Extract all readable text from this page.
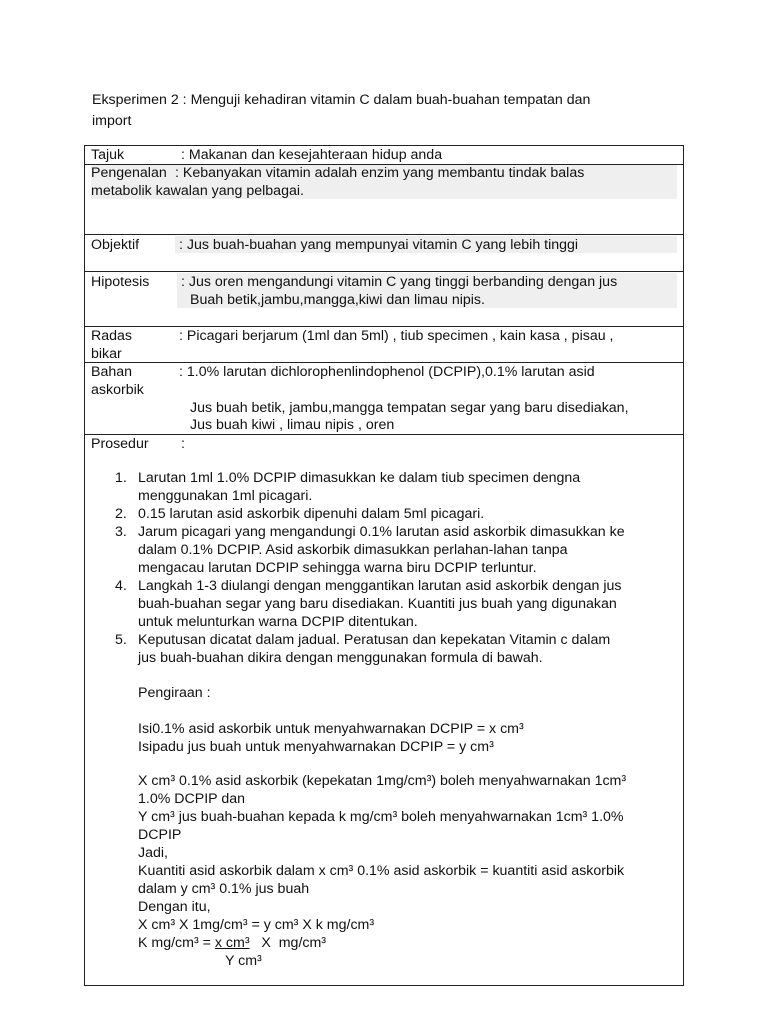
Eksperimen 2 : Menguji kehadiran vitamin C dalam buah-buahan tempatan dan
import
Tajuk	: Makanan dan kesejahteraan hidup anda
Pengenalan : Kebanyakan vitamin adalah enzim yang membantu tindak balas
metabolik kawalan yang pelbagai.
Objektif	: Jus buah-buahan yang mempunyai vitamin C yang lebih tinggi
Hipotesis : Jus oren mengandungi vitamin C yang tinggi berbanding dengan jus
Buah betik,jambu,mangga,kiwi dan limau nipis.
Radas
bikar
: Picagari berjarum (1ml dan 5ml) , tiub specimen , kain kasa , pisau ,
Bahan
askorbik
: 1.0% larutan dichlorophenlindophenol (DCPIP),0.1% larutan asid
Jus buah betik, jambu,mangga tempatan segar yang baru disediakan,
Jus buah kiwi , limau nipis , oren
Prosedur :
1. Larutan 1ml 1.0% DCPIP dimasukkan ke dalam tiub specimen dengna
menggunakan 1ml picagari.
2. 0.15 larutan asid askorbik dipenuhi dalam 5ml picagari.
3. Jarum picagari yang mengandungi 0.1% larutan asid askorbik dimasukkan ke
dalam 0.1% DCPIP. Asid askorbik dimasukkan perlahan-lahan tanpa
mengacau larutan DCPIP sehingga warna biru DCPIP terluntur.
4. Langkah 1-3 diulangi dengan menggantikan larutan asid askorbik dengan jus
buah-buahan segar yang baru disediakan. Kuantiti jus buah yang digunakan
untuk melunturkan warna DCPIP ditentukan.
5. Keputusan dicatat dalam jadual. Peratusan dan kepekatan Vitamin c dalam
jus buah-buahan dikira dengan menggunakan formula di bawah.
Pengiraan :
Isi0.1% asid askorbik untuk menyahwarnakan DCPIP = x cm³
Isipadu jus buah untuk menyahwarnakan DCPIP = y cm³
X cm³ 0.1% asid askorbik (kepekatan 1mg/cm³) boleh menyahwarnakan 1cm³
1.0% DCPIP dan
Y cm³ jus buah-buahan kepada k mg/cm³ boleh menyahwarnakan 1cm³ 1.0%
DCPIP
Jadi,
Kuantiti asid askorbik dalam x cm³ 0.1% asid askorbik = kuantiti asid askorbik
dalam y cm³ 0.1% jus buah
Dengan itu,
X cm³ X 1mg/cm³ = y cm³ X k mg/cm³
K mg/cm³ = x cm³   X  mg/cm³
Y cm³
